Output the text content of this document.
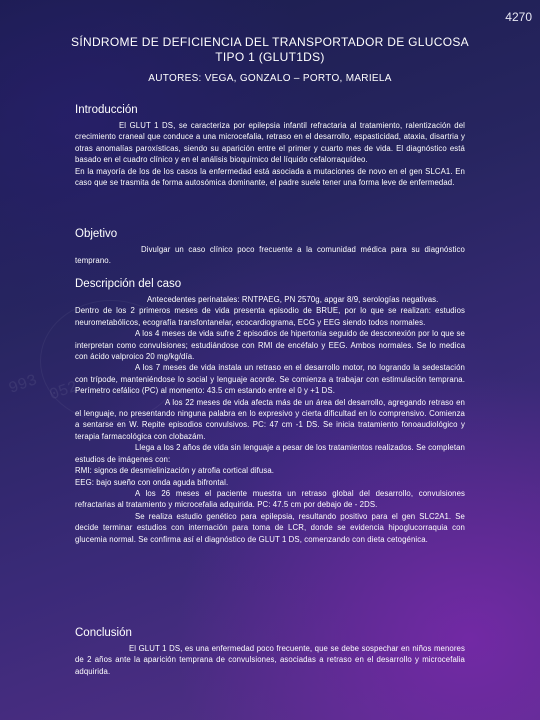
993 052
4270
SÍNDROME DE DEFICIENCIA DEL TRANSPORTADOR DE GLUCOSA TIPO 1 (GLUT1DS)
AUTORES: VEGA, GONZALO – PORTO, MARIELA
Introducción

El GLUT 1 DS, se caracteriza por epilepsia infantil refractaria al tratamiento, ralentización del crecimiento craneal que conduce a una microcefalia, retraso en el desarrollo, espasticidad, ataxia, disartria y otras anomalías paroxísticas, siendo su aparición entre el primer y cuarto mes de vida. El diagnóstico está basado en el cuadro clínico y en el análisis bioquímico del líquido cefalorraquídeo.

En la mayoría de los de los casos la enfermedad está asociada a mutaciones de novo en el gen SLCA1. En caso que se trasmita de forma autosómica dominante, el padre suele tener una forma leve de enfermedad.

Objetivo

Divulgar un caso clínico poco frecuente a la comunidad médica para su diagnóstico temprano.

Descripción del caso

Antecedentes perinatales: RNTPAEG, PN 2570g, apgar 8/9, serologías negativas.

Dentro de los 2 primeros meses de vida presenta episodio de BRUE, por lo que se realizan: estudios neurometabólicos, ecografía transfontanelar, ecocardiograma, ECG y EEG siendo todos normales.

A los 4 meses de vida sufre 2 episodios de hipertonía seguido de desconexión por lo que se interpretan como convulsiones; estudiándose con RMI de encéfalo y EEG. Ambos normales. Se lo medica con ácido valproico 20 mg/kg/día.

A los 7 meses de vida instala un retraso en el desarrollo motor, no logrando la sedestación con trípode, manteniéndose lo social y lenguaje acorde. Se comienza a trabajar con estimulación temprana. Perímetro cefálico (PC) al momento: 43.5 cm estando entre el 0 y +1 DS.

A los 22 meses de vida afecta más de un área del desarrollo, agregando retraso en el lenguaje, no presentando ninguna palabra en lo expresivo y cierta dificultad en lo comprensivo. Comienza a sentarse en W. Repite episodios convulsivos. PC: 47 cm -1 DS. Se inicia tratamiento fonoaudiológico y terapia farmacológica con clobazám.

Llega a los 2 años de vida sin lenguaje a pesar de los tratamientos realizados. Se completan estudios de imágenes con:

RMI: signos de desmielinización y atrofia cortical difusa.

EEG: bajo sueño con onda aguda bifrontal.

A los 26 meses el paciente muestra un retraso global del desarrollo, convulsiones refractarias al tratamiento y microcefalia adquirida. PC: 47.5 cm por debajo de - 2DS.

Se realiza estudio genético para epilepsia, resultando positivo para el gen SLC2A1. Se decide terminar estudios con internación para toma de LCR, donde se evidencia hipoglucorraquia con glucemia normal. Se confirma así el diagnóstico de GLUT 1 DS, comenzando con dieta cetogénica.

Conclusión

El GLUT 1 DS, es una enfermedad poco frecuente, que se debe sospechar en niños menores de 2 años ante la aparición temprana de convulsiones, asociadas a retraso en el desarrollo y microcefalia adquirida.
